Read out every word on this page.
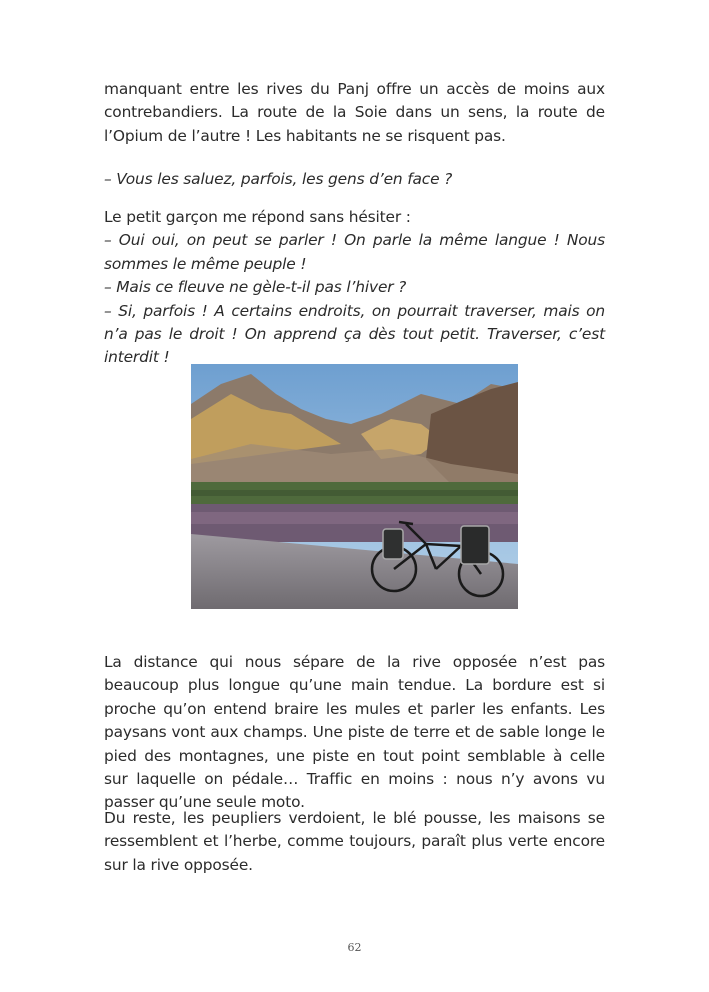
manquant entre les rives du Panj offre un accès de moins aux contrebandiers. La route de la Soie dans un sens, la route de l’Opium de l’autre ! Les habitants ne se risquent pas.

– Vous les saluez, parfois, les gens d’en face ?

Le petit garçon me répond sans hésiter :

– Oui oui, on peut se parler ! On parle la même langue ! Nous sommes le même peuple !

– Mais ce fleuve ne gèle-t-il pas l’hiver ?

– Si, parfois ! A certains endroits, on pourrait traverser, mais on n’a pas le droit ! On apprend ça dès tout petit. Traverser, c’est interdit !

La distance qui nous sépare de la rive opposée n’est pas beaucoup plus longue qu’une main tendue. La bordure est si proche qu’on entend braire les mules et parler les enfants. Les paysans vont aux champs. Une piste de terre et de sable longe le pied des montagnes, une piste en tout point semblable à celle sur laquelle on pédale… Traffic en moins : nous n’y avons vu passer qu’une seule moto.

Du reste, les peupliers verdoient, le blé pousse, les maisons se ressemblent et l’herbe, comme toujours, paraît plus verte encore sur la rive opposée.

62
